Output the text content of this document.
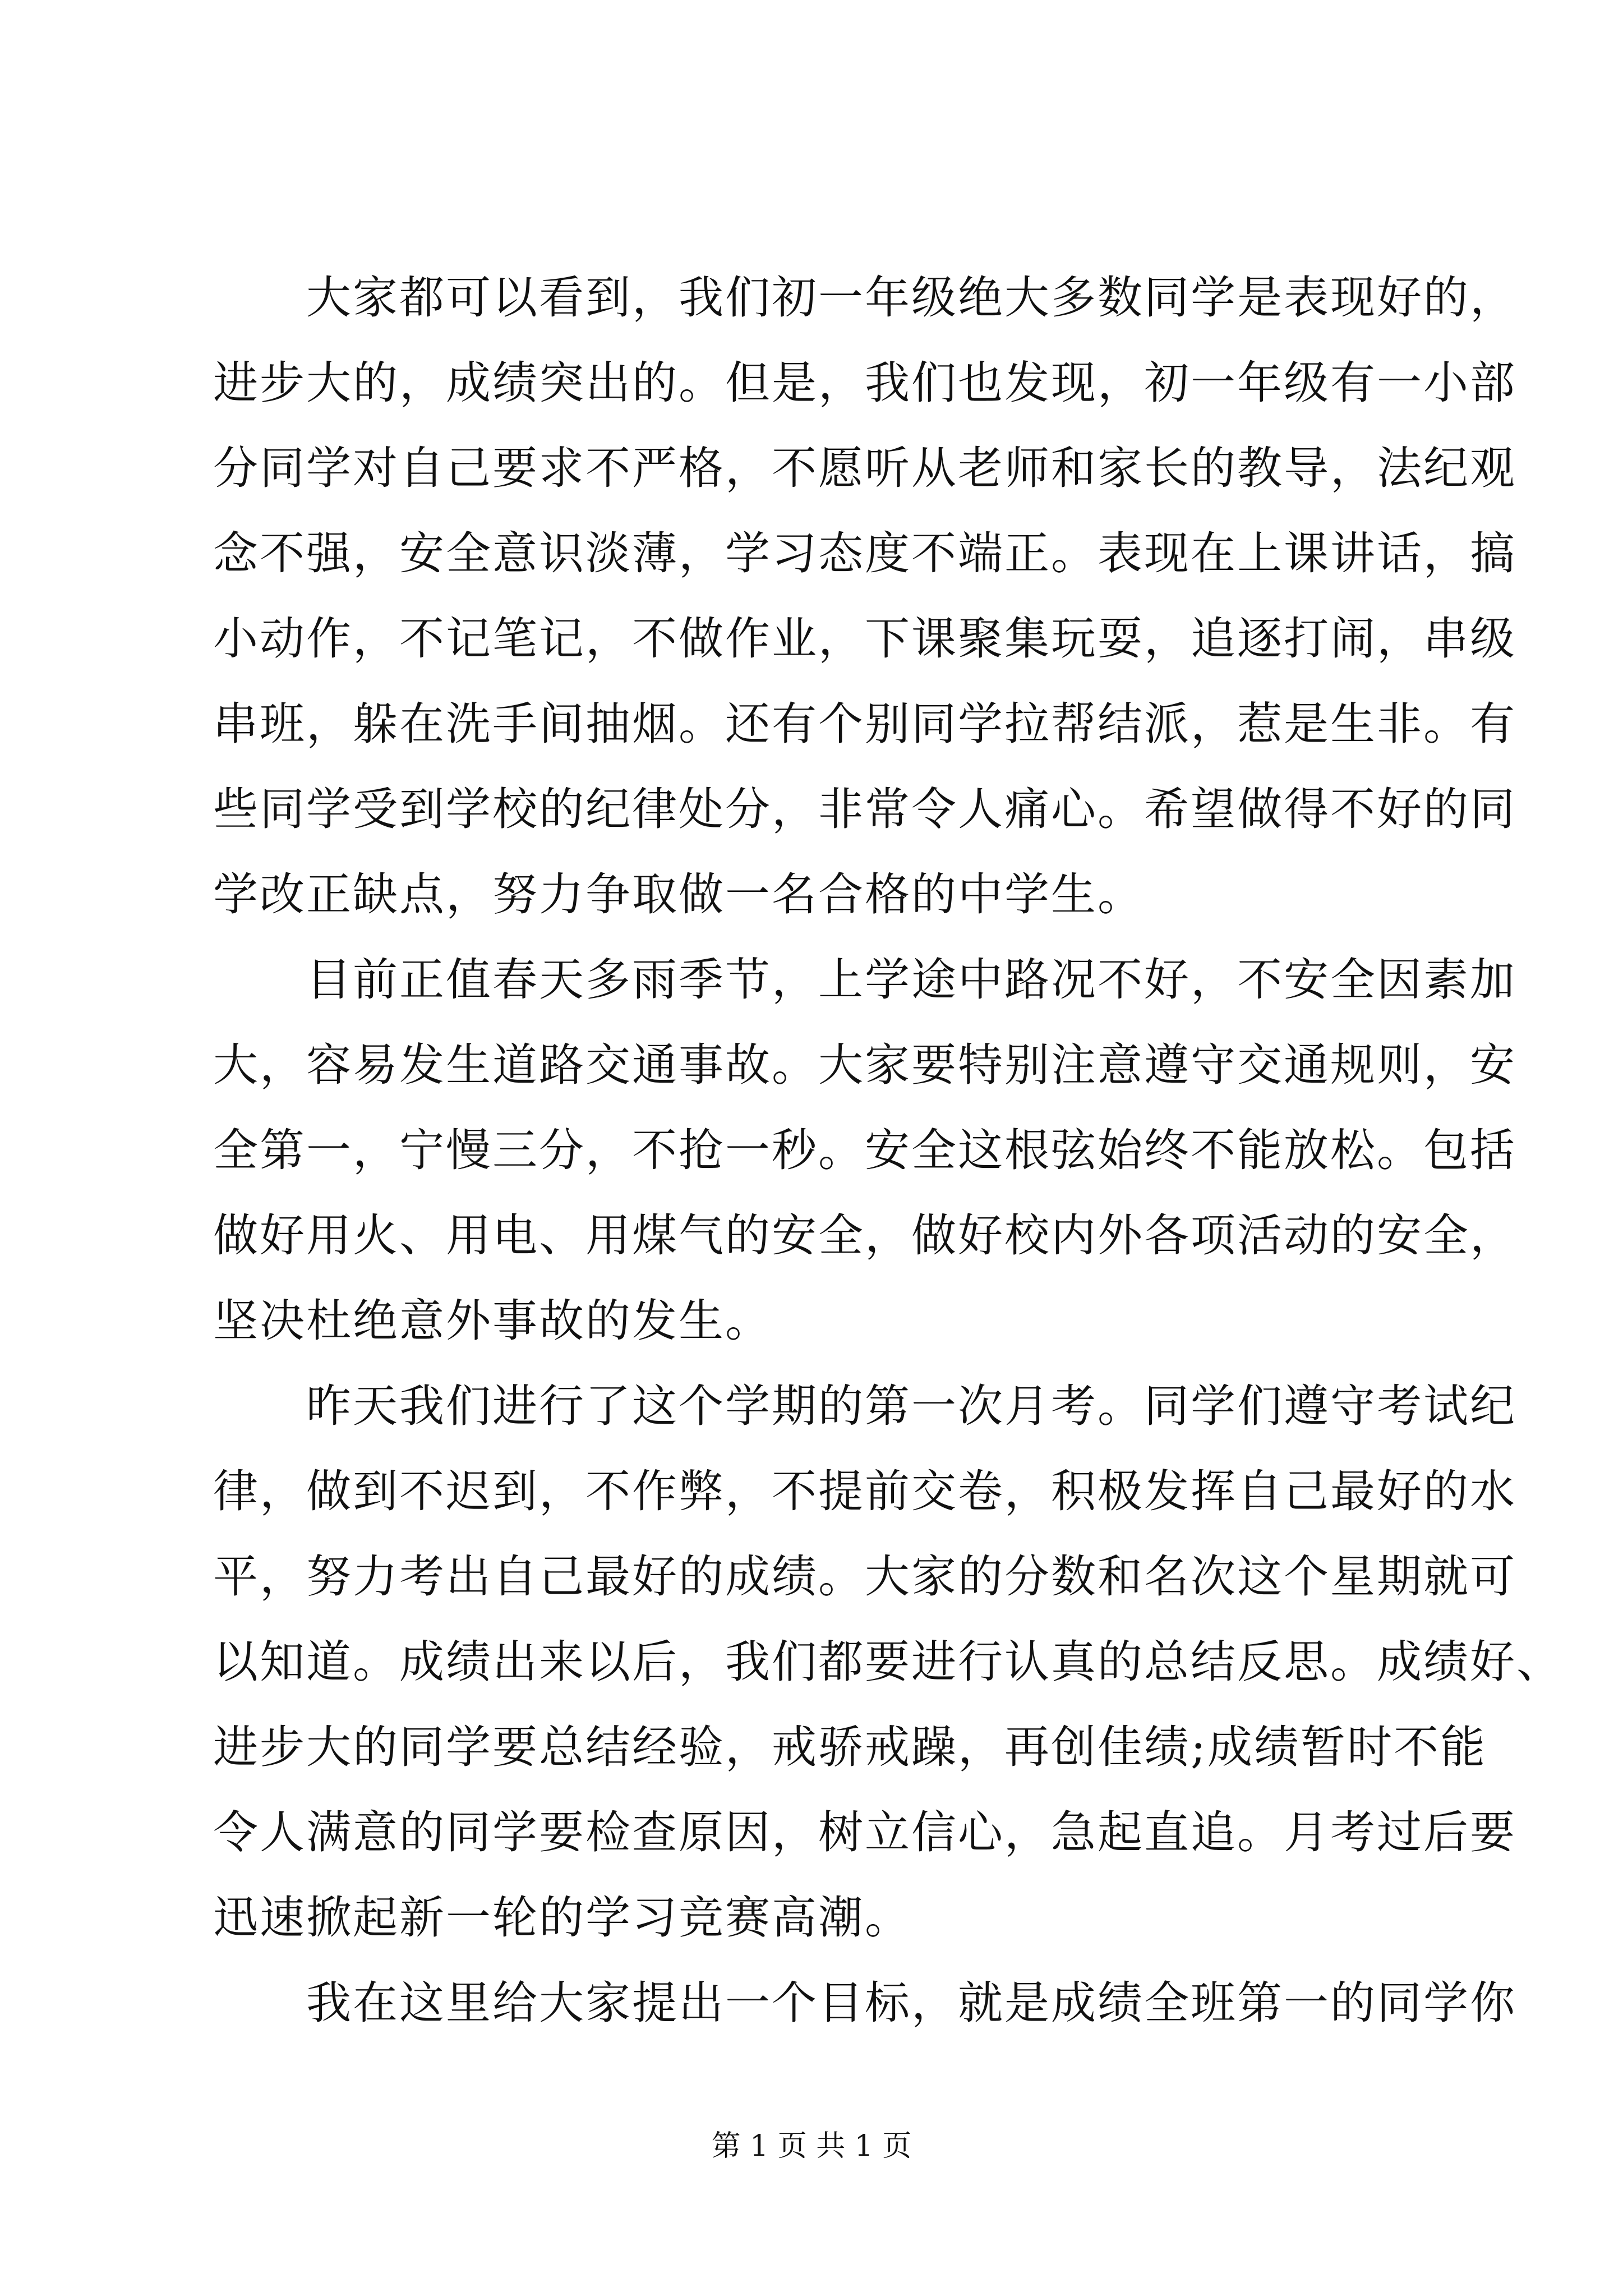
　　大家都可以看到，我们初一年级绝大多数同学是表现好的，
进步大的，成绩突出的。但是，我们也发现，初一年级有一小部
分同学对自己要求不严格，不愿听从老师和家长的教导，法纪观
念不强，安全意识淡薄，学习态度不端正。表现在上课讲话，搞
小动作，不记笔记，不做作业，下课聚集玩耍，追逐打闹，串级
串班，躲在洗手间抽烟。还有个别同学拉帮结派，惹是生非。有
些同学受到学校的纪律处分，非常令人痛心。希望做得不好的同
学改正缺点，努力争取做一名合格的中学生。
　　目前正值春天多雨季节，上学途中路况不好，不安全因素加
大，容易发生道路交通事故。大家要特别注意遵守交通规则，安
全第一，宁慢三分，不抢一秒。安全这根弦始终不能放松。包括
做好用火、用电、用煤气的安全，做好校内外各项活动的安全，
坚决杜绝意外事故的发生。
　　昨天我们进行了这个学期的第一次月考。同学们遵守考试纪
律，做到不迟到，不作弊，不提前交卷，积极发挥自己最好的水
平，努力考出自己最好的成绩。大家的分数和名次这个星期就可
以知道。成绩出来以后，我们都要进行认真的总结反思。成绩好、
进步大的同学要总结经验，戒骄戒躁，再创佳绩;成绩暂时不能
令人满意的同学要检查原因，树立信心，急起直追。月考过后要
迅速掀起新一轮的学习竞赛高潮。
　　我在这里给大家提出一个目标，就是成绩全班第一的同学你
第 1 页 共 1 页
